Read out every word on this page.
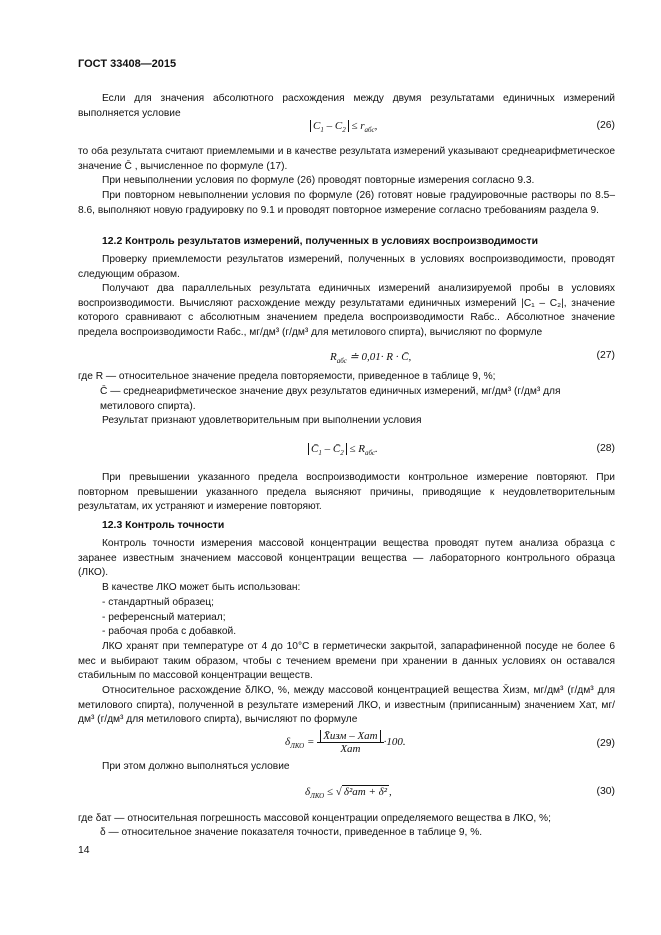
ГОСТ 33408—2015
Если для значения абсолютного расхождения между двумя результатами единичных измерений выполняется условие
$C_1 - C_2 \le r_{абс}$,	(26)
то оба результата считают приемлемыми и в качестве результата измерений указывают среднеарифметическое значение C̄ , вычисленное по формуле (17).
При невыполнении условия по формуле (26) проводят повторные измерения согласно 9.3.
При повторном невыполнении условия по формуле (26) готовят новые градуировочные растворы по 8.5–8.6, выполняют новую градуировку по 9.1 и проводят повторное измерение согласно требованиям раздела 9.
12.2 Контроль результатов измерений, полученных в условиях воспроизводимости
Проверку приемлемости результатов измерений, полученных в условиях воспроизводимости, проводят следующим образом.
Получают два параллельных результата единичных измерений анализируемой пробы в условиях воспроизводимости. Вычисляют расхождение между результатами единичных измерений |C₁ – C₂|, значение которого сравнивают с абсолютным значением предела воспроизводимости Rабс.. Абсолютное значение предела воспроизводимости Rабс., мг/дм³ (г/дм³ для метилового спирта), вычисляют по формуле
$R_{абс}$ ≐ 0,01· R · C̄,	(27)
где R — относительное значение предела повторяемости, приведенное в таблице 9, %;
C̄ — среднеарифметическое значение двух результатов единичных измерений, мг/дм³ (г/дм³ для метилового спирта).
Результат признают удовлетворительным при выполнении условия
$C̄_1$ – $C̄_2 \le R_{абс}$.	(28)
При превышении указанного предела воспроизводимости контрольное измерение повторяют. При повторном превышении указанного предела выясняют причины, приводящие к неудовлетворительным результатам, их устраняют и измерение повторяют.
12.3 Контроль точности
Контроль точности измерения массовой концентрации вещества проводят путем анализа образца с заранее известным значением массовой концентрации вещества — лабораторного контрольного образца (ЛКО).
В качестве ЛКО может быть использован:
- стандартный образец;
- референсный материал;
- рабочая проба с добавкой.
ЛКО хранят при температуре от 4 до 10°С в герметически закрытой, запарафиненной посуде не более 6 мес и выбирают таким образом, чтобы с течением времени при хранении в данных условиях он оставался стабильным по массовой концентрации веществ.
Относительное расхождение δЛКО, %, между массовой концентрацией вещества X̄изм, мг/дм³ (г/дм³ для метилового спирта), полученной в результате измерений ЛКО, и известным (приписанным) значением Xат, мг/дм³ (г/дм³ для метилового спирта), вычисляют по формуле
$\delta_{ЛКО} = \frac{\text{X̄изм – Xат}}{\text{Xат}} \cdot 100$.	(29)
При этом должно выполняться условие
$\delta_{ЛКО}$ ≤ √ δ²ат + δ² ,	(30)
где δат — относительная погрешность массовой концентрации определяемого вещества в ЛКО, %;
δ — относительное значение показателя точности, приведенное в таблице 9, %.
14
